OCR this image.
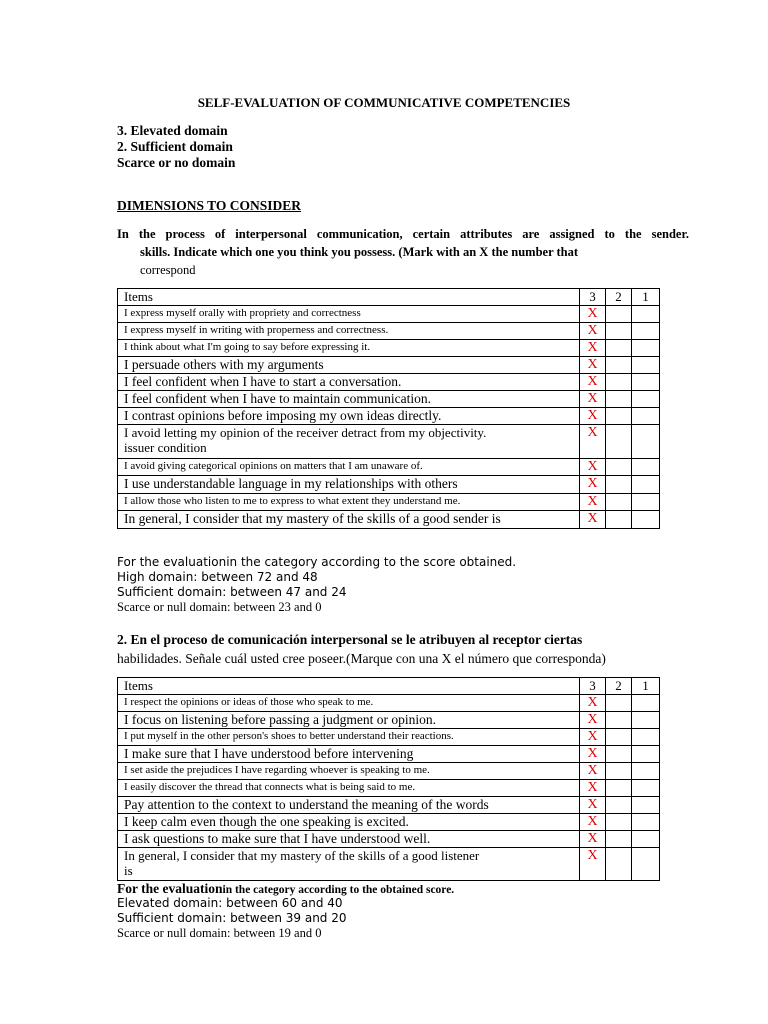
SELF-EVALUATION OF COMMUNICATIVE COMPETENCIES
3. Elevated domain
2. Sufficient domain
Scarce or no domain
DIMENSIONS TO CONSIDER
In the process of interpersonal communication, certain attributes are assigned to the sender.
skills. Indicate which one you think you possess. (Mark with an X the number that
correspond
Items	3	2	1
I express myself orally with propriety and correctness	X		
I express myself in writing with properness and correctness.	X		
I think about what I'm going to say before expressing it.	X		
I persuade others with my arguments	X		
I feel confident when I have to start a conversation.	X		
I feel confident when I have to maintain communication.	X		
I contrast opinions before imposing my own ideas directly.	X		

I avoid letting my opinion of the receiver detract from my objectivity.
issuer condition	X		
I avoid giving categorical opinions on matters that I am unaware of.	X		
I use understandable language in my relationships with others	X		
I allow those who listen to me to express to what extent they understand me.	X		
In general, I consider that my mastery of the skills of a good sender is	X		
For the evaluationin the category according to the score obtained.
High domain: between 72 and 48
Sufficient domain: between 47 and 24
Scarce or null domain: between 23 and 0
2. En el proceso de comunicación interpersonal se le atribuyen al receptor ciertas
habilidades. Señale cuál usted cree poseer.(Marque con una X el número que corresponda)
Items	3	2	1
I respect the opinions or ideas of those who speak to me.	X		
I focus on listening before passing a judgment or opinion.	X		
I put myself in the other person's shoes to better understand their reactions.	X		
I make sure that I have understood before intervening	X		
I set aside the prejudices I have regarding whoever is speaking to me.	X		
I easily discover the thread that connects what is being said to me.	X		
Pay attention to the context to understand the meaning of the words	X		
I keep calm even though the one speaking is excited.	X		
I ask questions to make sure that I have understood well.	X		

In general, I consider that my mastery of the skills of a good listener
is	X		
For the evaluationin the category according to the obtained score.
Elevated domain: between 60 and 40
Sufficient domain: between 39 and 20
Scarce or null domain: between 19 and 0
